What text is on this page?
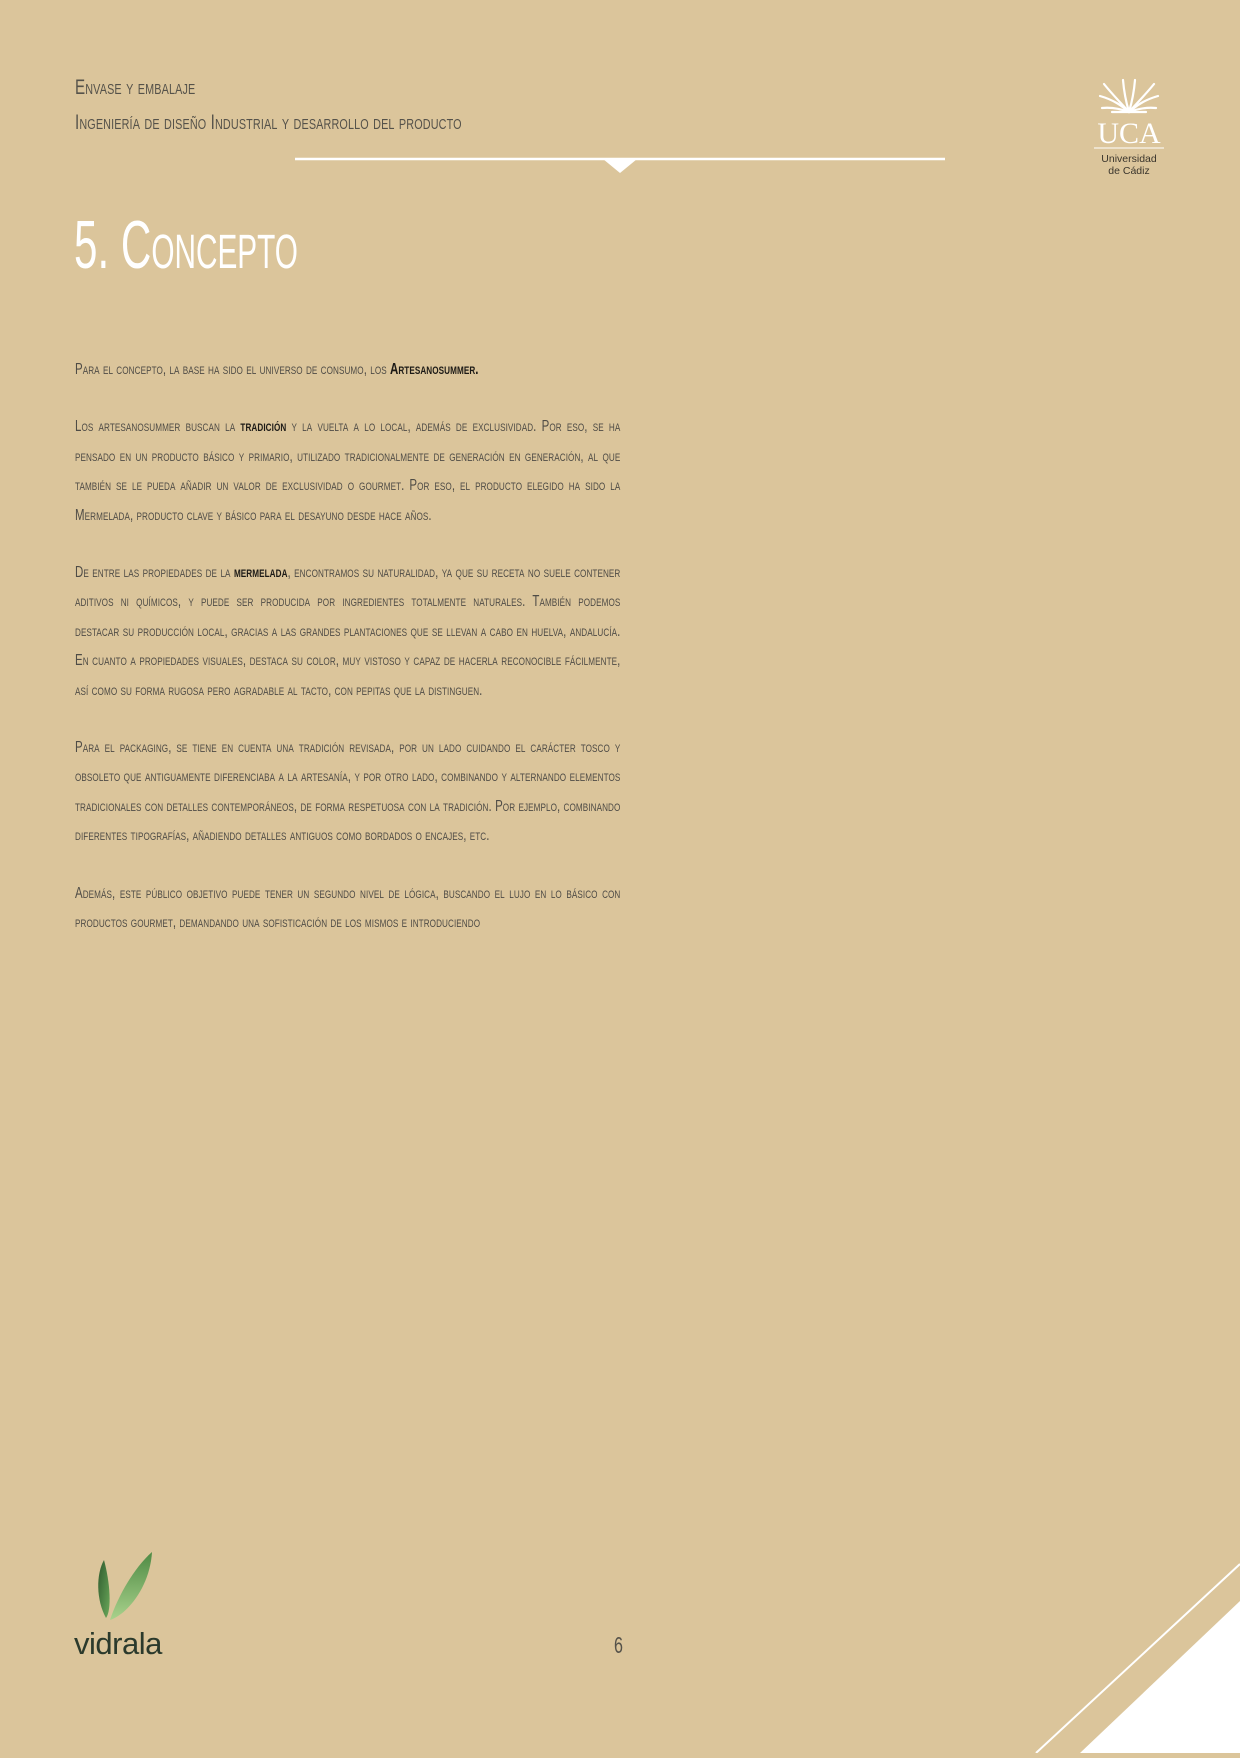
Envase y embalaje
Ingeniería de diseño Industrial y desarrollo del producto	UCA
Universidad
de Cádiz
5. Concepto

Para el concepto, la base ha sido el universo de consumo, los Artesanosummer.

Los artesanosummer buscan la tradición y la vuelta a lo local, además de exclusividad. Por eso, se ha pensado en un producto básico y primario, utilizado tradicionalmente de generación en generación, al que también se le pueda añadir un valor de exclusividad o gourmet. Por eso, el producto elegido ha sido la Mermelada, producto clave y básico para el desayuno desde hace años.

De entre las propiedades de la mermelada, encontramos su naturalidad, ya que su receta no suele contener aditivos ni químicos, y puede ser producida por ingredientes totalmente naturales. También podemos destacar su producción local, gracias a las grandes plantaciones que se llevan a cabo en huelva, andalucía. En cuanto a propiedades visuales, destaca su color, muy vistoso y capaz de hacerla reconocible fácilmente, así como su forma rugosa pero agradable al tacto, con pepitas que la distinguen.

Para el packaging, se tiene en cuenta una tradición revisada, por un lado cuidando el carácter tosco y obsoleto que antiguamente diferenciaba a la artesanía, y por otro lado, combinando y alternando elementos tradicionales con detalles contemporáneos, de forma respetuosa con la tradición. Por ejemplo, combinando diferentes tipografías, añadiendo detalles antiguos como bordados o encajes, etc.

Además, este público objetivo puede tener un segundo nivel de lógica, buscando el lujo en lo básico con productos gourmet, demandando una sofisticación de los mismos e introduciendo

vidrala	6
